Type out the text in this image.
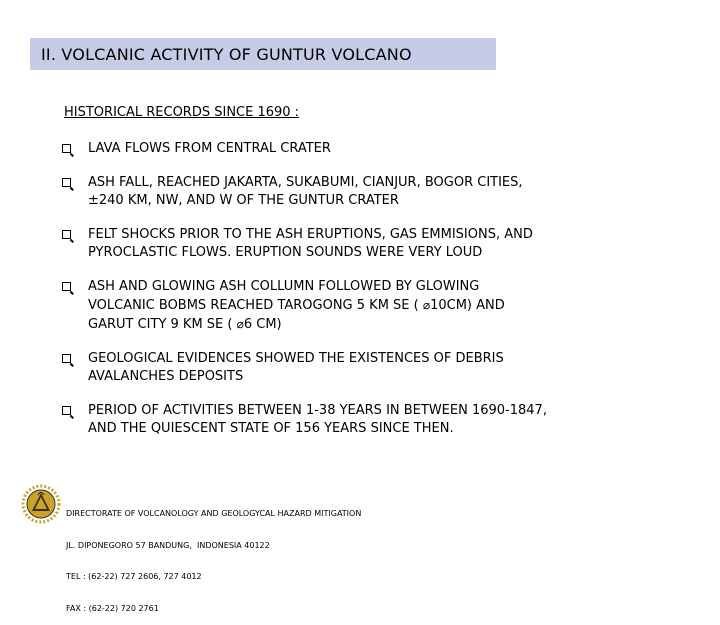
II. VOLCANIC ACTIVITY OF GUNTUR VOLCANO
HISTORICAL RECORDS SINCE 1690 :
LAVA FLOWS FROM CENTRAL CRATER
ASH FALL, REACHED JAKARTA, SUKABUMI, CIANJUR, BOGOR CITIES,
±240 KM, NW, AND W OF THE GUNTUR CRATER
FELT SHOCKS PRIOR TO THE ASH ERUPTIONS, GAS EMMISIONS, AND
PYROCLASTIC FLOWS. ERUPTION SOUNDS WERE VERY LOUD
ASH AND GLOWING ASH COLLUMN FOLLOWED BY GLOWING
VOLCANIC BOBMS REACHED TAROGONG 5 KM SE ( ⌀10CM) AND
GARUT CITY 9 KM SE ( ⌀6 CM)
GEOLOGICAL EVIDENCES SHOWED THE EXISTENCES OF DEBRIS
AVALANCHES DEPOSITS
PERIOD OF ACTIVITIES BETWEEN 1-38 YEARS IN BETWEEN 1690-1847,
AND THE QUIESCENT STATE OF 156 YEARS SINCE THEN.

DIRECTORATE OF VOLCANOLOGY AND GEOLOGYCAL HAZARD MITIGATION

JL. DIPONEGORO 57 BANDUNG,  INDONESIA 40122

TEL : (62-22) 727 2606, 727 4012

FAX : (62-22) 720 2761
